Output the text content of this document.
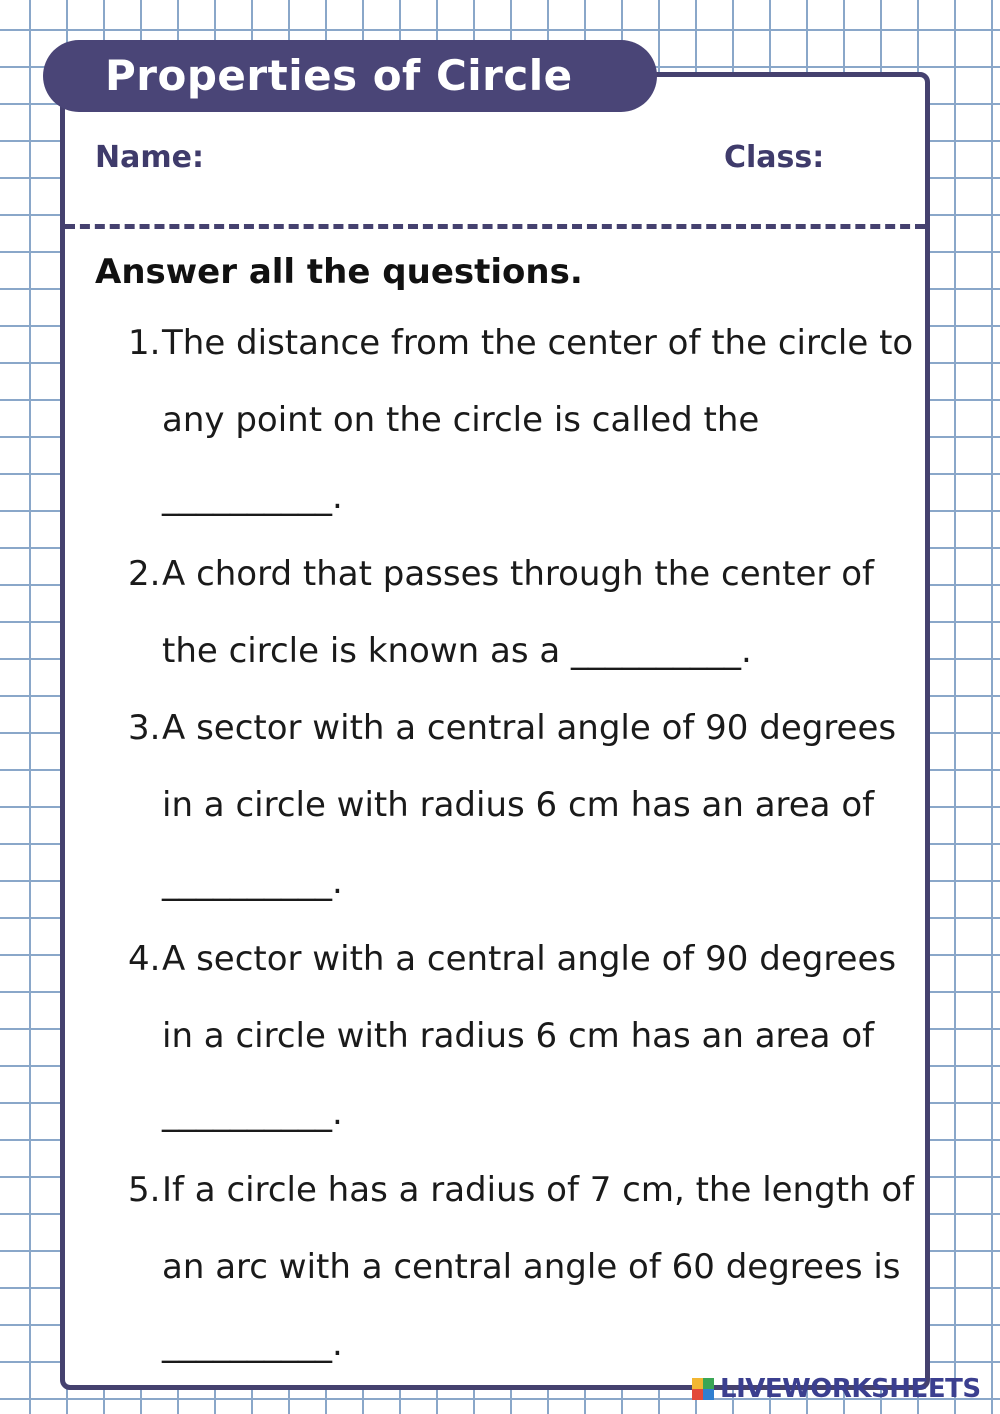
Properties of Circle
Name:	Class:
Answer all the questions.
1. The distance from the center of the circle to any point on the circle is called the __________.
2. A chord that passes through the center of the circle is known as a __________.
3. A sector with a central angle of 90 degrees in a circle with radius 6 cm has an area of __________.
4. A sector with a central angle of 90 degrees in a circle with radius 6 cm has an area of __________.
5. If a circle has a radius of 7 cm, the length of an arc with a central angle of 60 degrees is __________.
LIVEWORKSHEETS
